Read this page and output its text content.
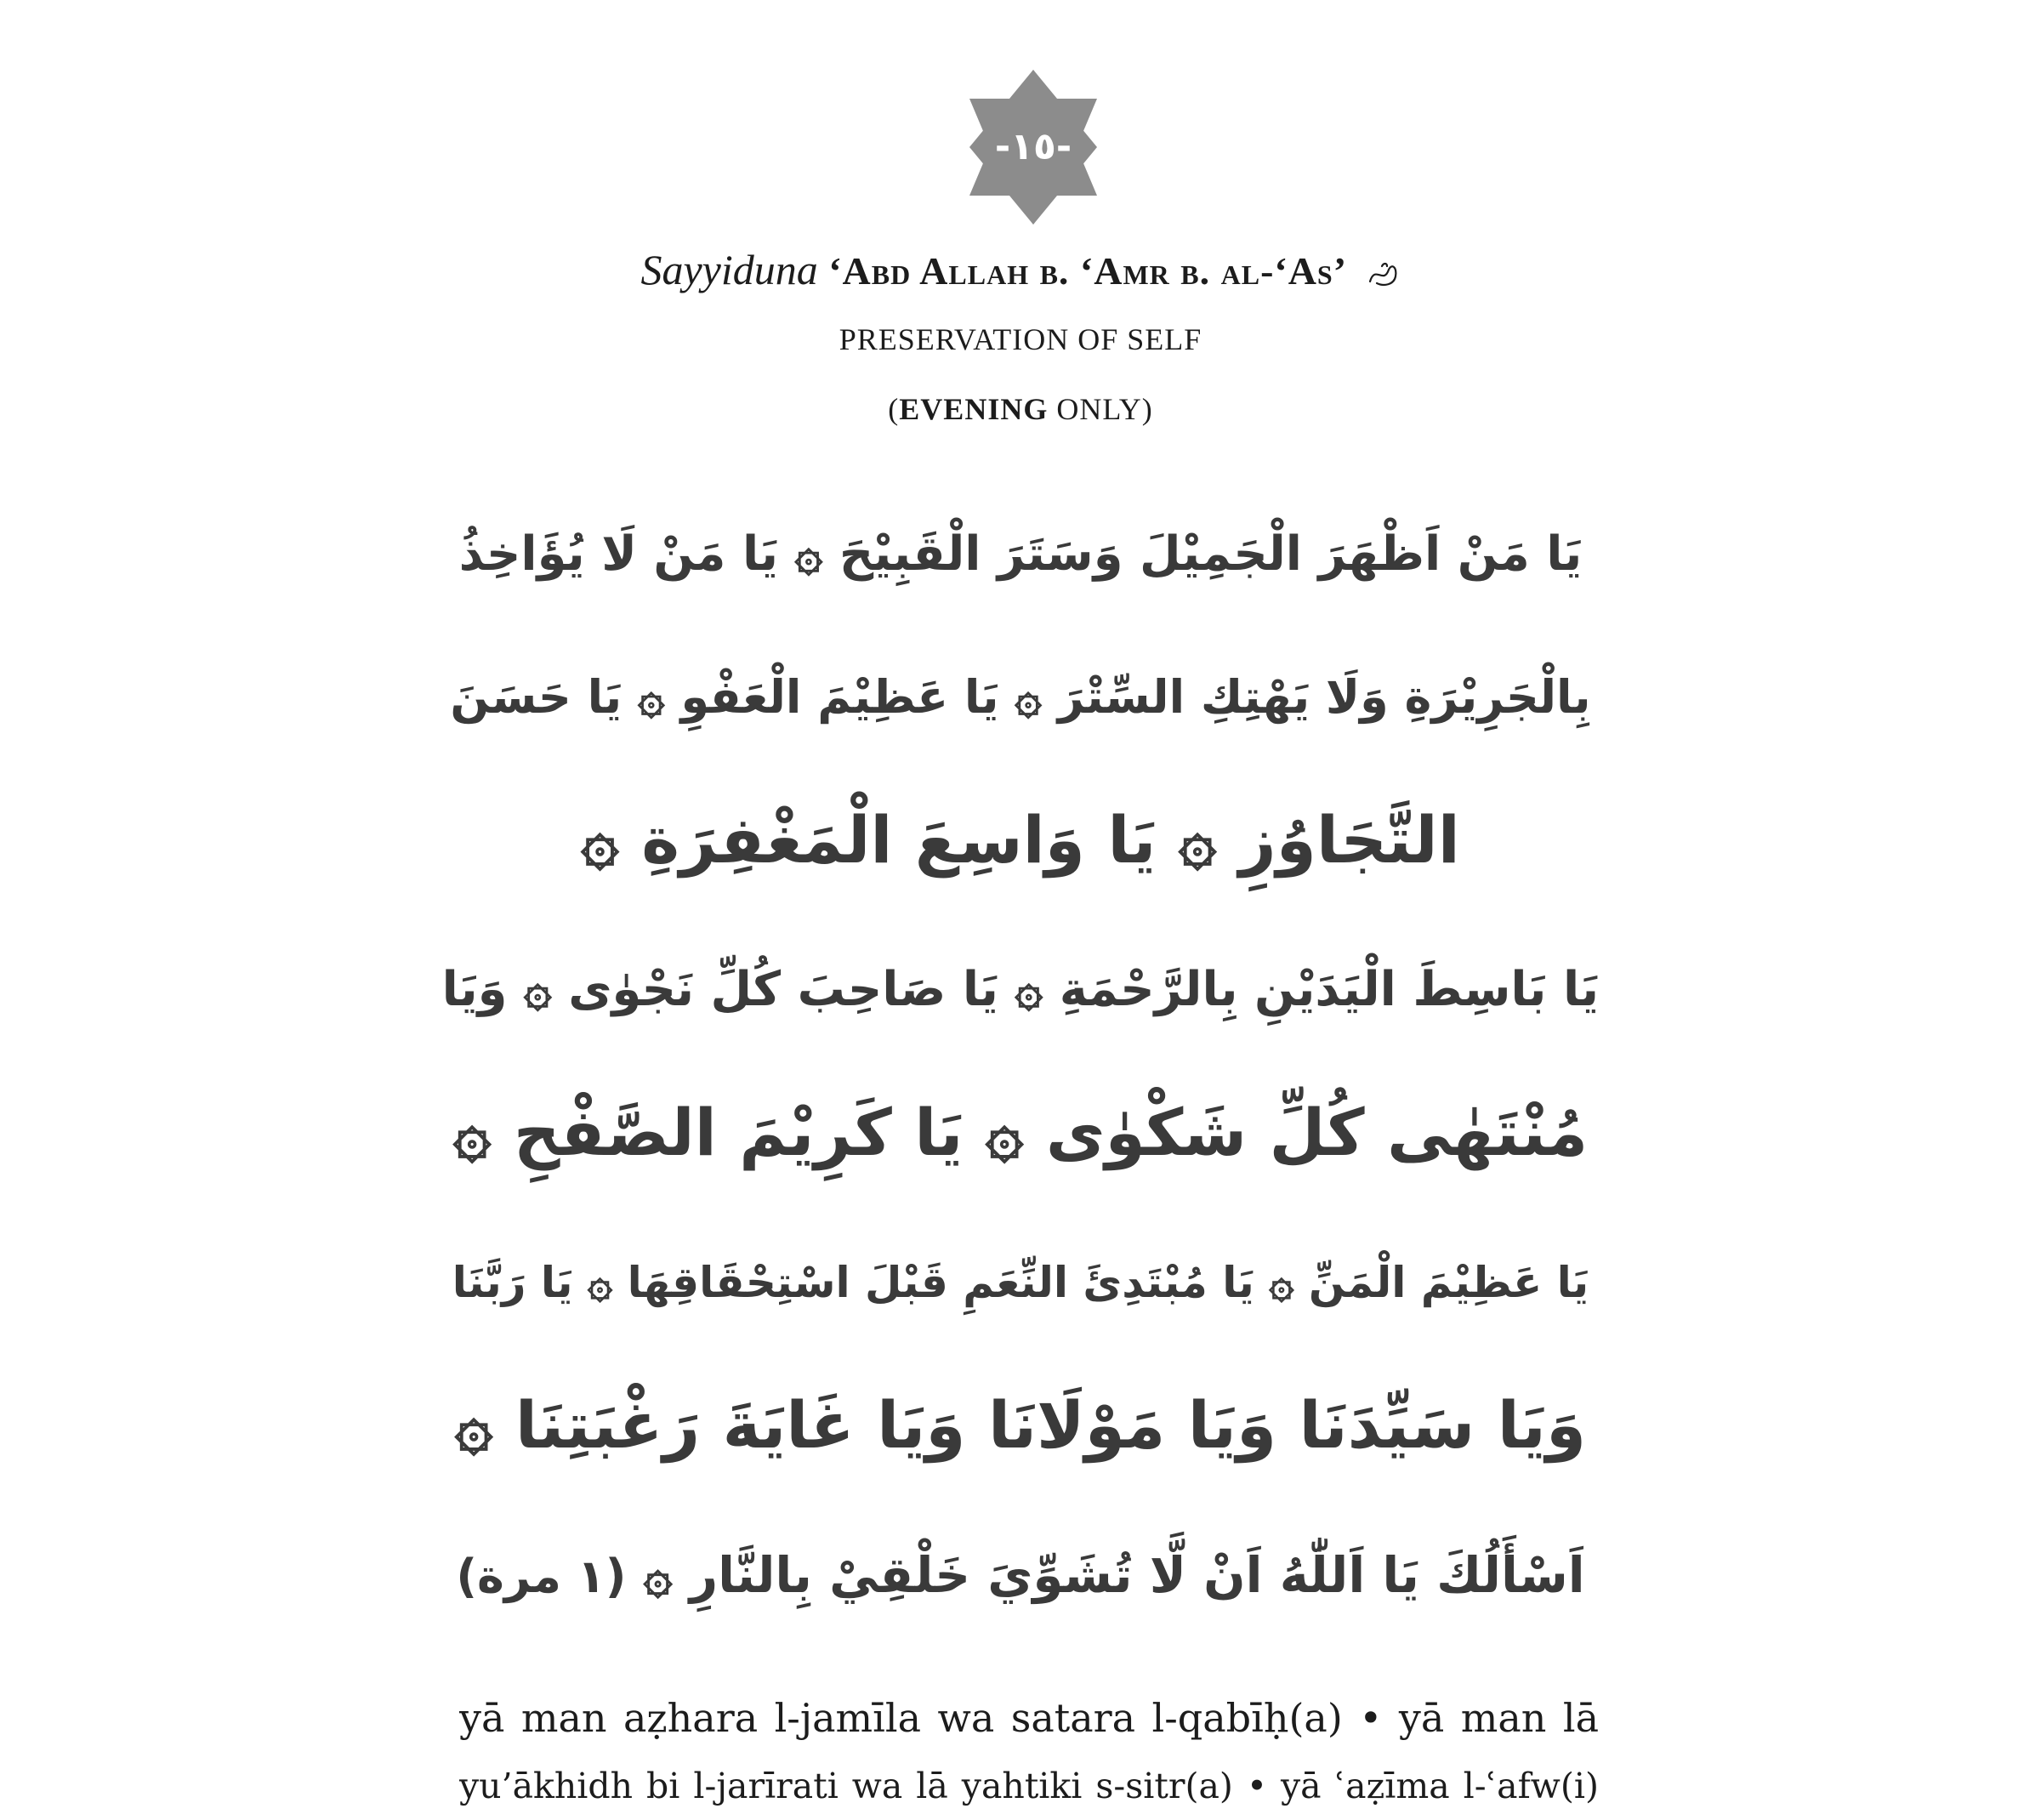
-١٥-
Sayyiduna ‘Abd Allah b. ‘Amr b. al-‘As’
PRESERVATION OF SELF
(EVENING ONLY)
يَا مَنْ اَظْهَرَ الْجَمِيْلَ وَسَتَرَ الْقَبِيْحَ ۞ يَا مَنْ لَا يُؤَاخِذُ
بِالْجَرِيْرَةِ وَلَا يَهْتِكِ السِّتْرَ ۞ يَا عَظِيْمَ الْعَفْوِ ۞ يَا حَسَنَ
التَّجَاوُزِ ۞ يَا وَاسِعَ الْمَغْفِرَةِ ۞
يَا بَاسِطَ الْيَدَيْنِ بِالرَّحْمَةِ ۞ يَا صَاحِبَ كُلِّ نَجْوٰى ۞ وَيَا
مُنْتَهٰى كُلِّ شَكْوٰى ۞ يَا كَرِيْمَ الصَّفْحِ ۞
يَا عَظِيْمَ الْمَنِّ ۞ يَا مُبْتَدِئَ النِّعَمِ قَبْلَ اسْتِحْقَاقِهَا ۞ يَا رَبَّنَا
وَيَا سَيِّدَنَا وَيَا مَوْلَانَا وَيَا غَايَةَ رَغْبَتِنَا ۞
اَسْأَلُكَ يَا اَللّٰهُ اَنْ لَّا تُشَوِّيَ خَلْقِيْ بِالنَّارِ ۞ (١ مرة)
yā man aẓhara l-jamīla wa satara l-qabīḥ(a) • yā man lā
yu’ākhidh bi l-jarīrati wa lā yahtiki s-sitr(a) • yā ʿaẓīma l-ʿafw(i)
